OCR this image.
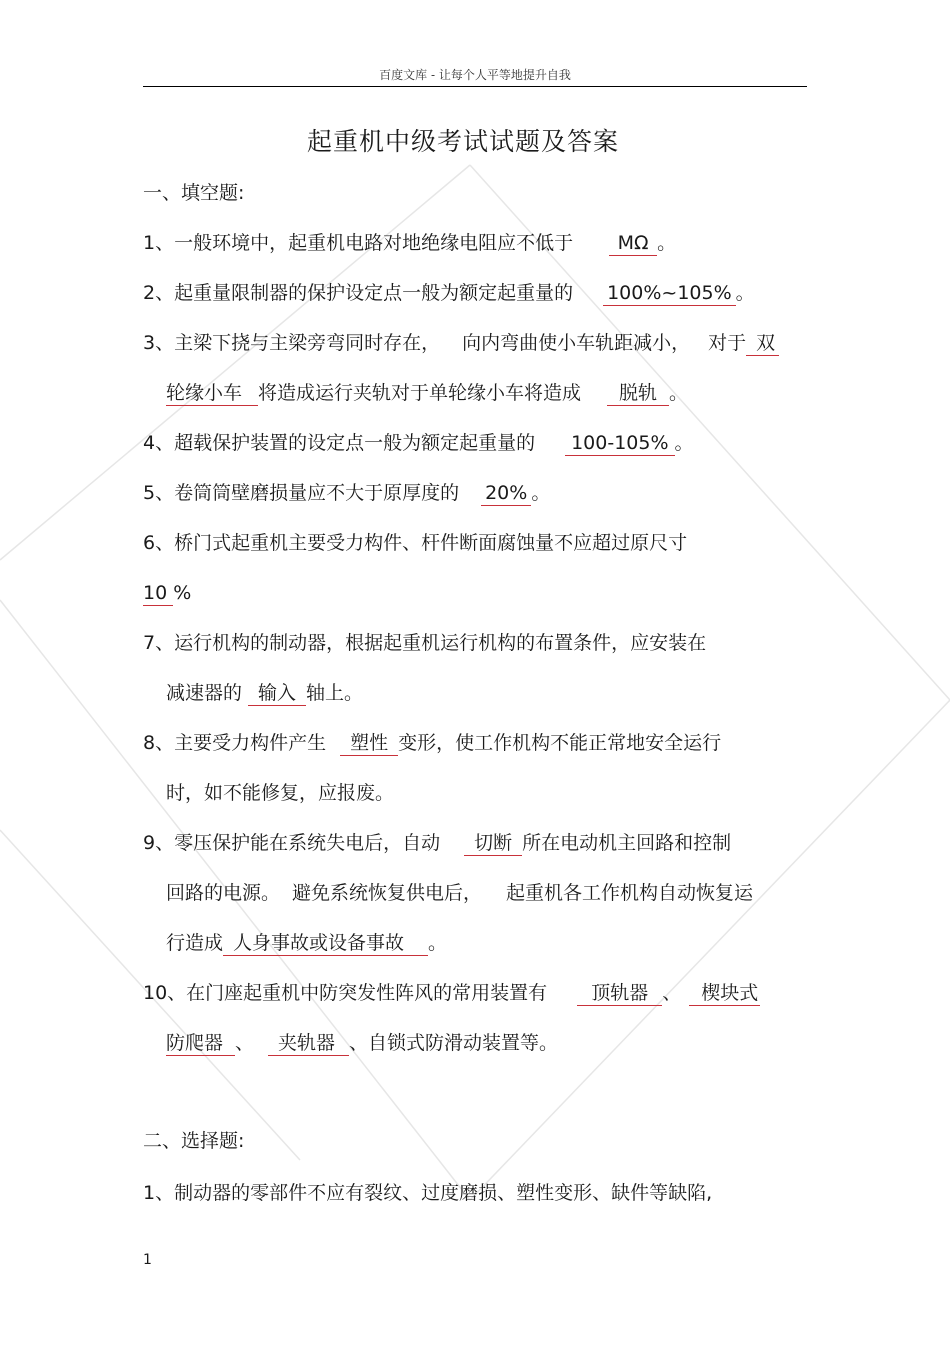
百度文库 - 让每个人平等地提升自我
起重机中级考试试题及答案
一、填空题:
1、一般环境中，起重机电路对地绝缘电阻应不低于 MΩ 。
2、起重量限制器的保护设定点一般为额定起重量的 100%~105% 。
3、主梁下挠与主梁旁弯同时存在， 向内弯曲使小车轨距减小， 对于 双
轮缘小车 将造成运行夹轨对于单轮缘小车将造成 脱轨 。
4、超载保护装置的设定点一般为额定起重量的 100-105% 。
5、卷筒筒壁磨损量应不大于原厚度的 20% 。
6、桥门式起重机主要受力构件、杆件断面腐蚀量不应超过原尺寸
10 %
7、运行机构的制动器，根据起重机运行机构的布置条件，应安装在
减速器的 输入 轴上。
8、主要受力构件产生 塑性 变形，使工作机构不能正常地安全运行
时，如不能修复，应报废。
9、零压保护能在系统失电后，自动 切断 所在电动机主回路和控制
回路的电源。 避免系统恢复供电后， 起重机各工作机构自动恢复运
行造成 人身事故或设备事故 。
10、在门座起重机中防突发性阵风的常用装置有 顶轨器 、 楔块式
防爬器 、 夹轨器 、自锁式防滑动装置等。
二、选择题:
1、制动器的零部件不应有裂纹、过度磨损、塑性变形、缺件等缺陷,
1
